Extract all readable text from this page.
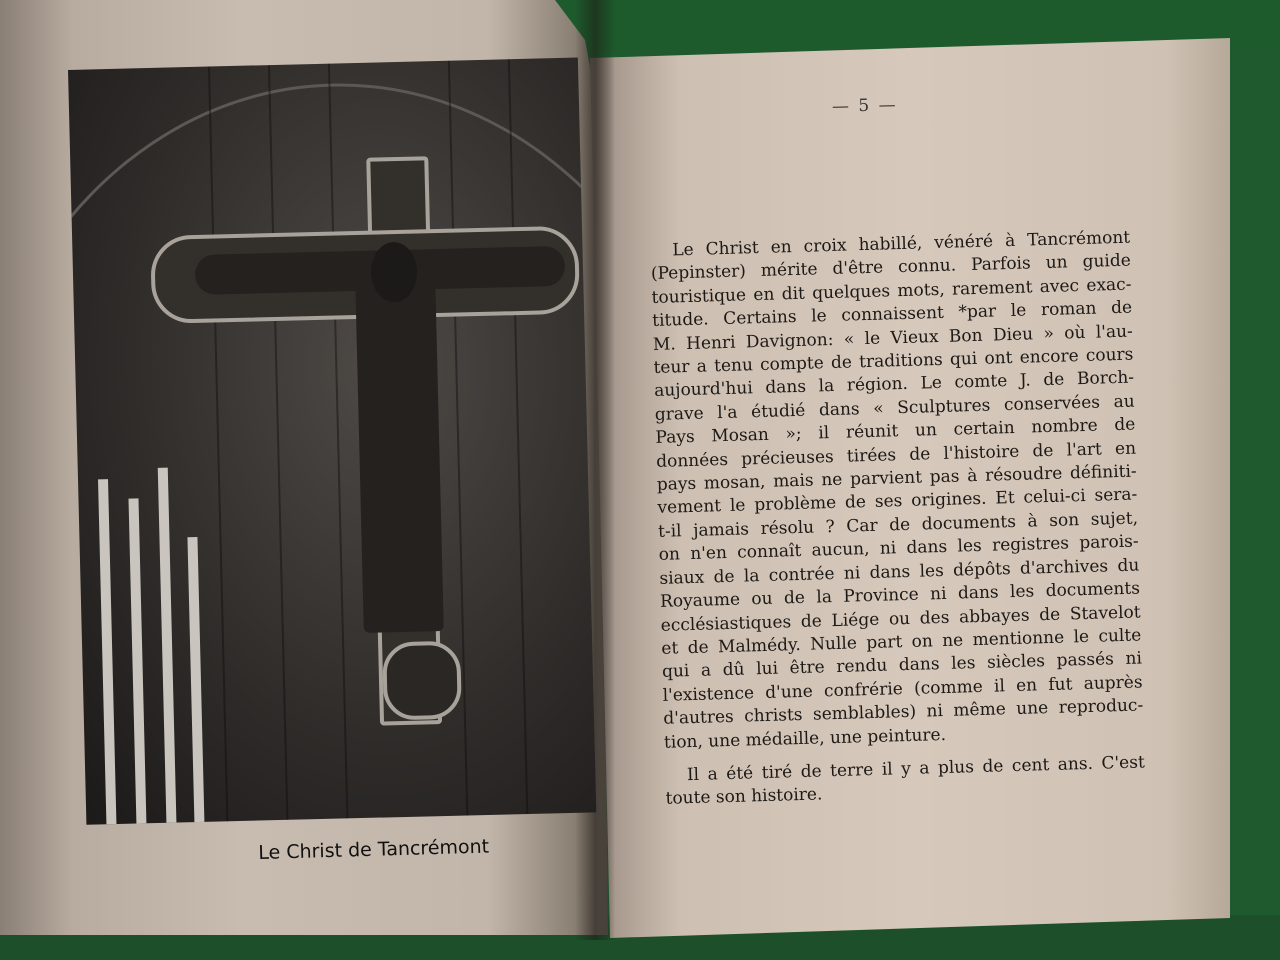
Le Christ de Tancrémont
— 5 —
Le Christ en croix habillé, vénéré à Tancrémont
(Pepinster) mérite d'être connu. Parfois un guide
touristique en dit quelques mots, rarement avec exac-
titude. Certains le connaissent *par le roman de
M. Henri Davignon: « le Vieux Bon Dieu » où l'au-
teur a tenu compte de traditions qui ont encore cours
aujourd'hui dans la région. Le comte J. de Borch-
grave l'a étudié dans « Sculptures conservées au
Pays Mosan »; il réunit un certain nombre de
données précieuses tirées de l'histoire de l'art en
pays mosan, mais ne parvient pas à résoudre définiti-
vement le problème de ses origines. Et celui-ci sera-
t-il jamais résolu ? Car de documents à son sujet,
on n'en connaît aucun, ni dans les registres parois-
siaux de la contrée ni dans les dépôts d'archives du
Royaume ou de la Province ni dans les documents
ecclésiastiques de Liége ou des abbayes de Stavelot
et de Malmédy. Nulle part on ne mentionne le culte
qui a dû lui être rendu dans les siècles passés ni
l'existence d'une confrérie (comme il en fut auprès
d'autres christs semblables) ni même une reproduc-
tion, une médaille, une peinture.
Il a été tiré de terre il y a plus de cent ans. C'est
toute son histoire.
